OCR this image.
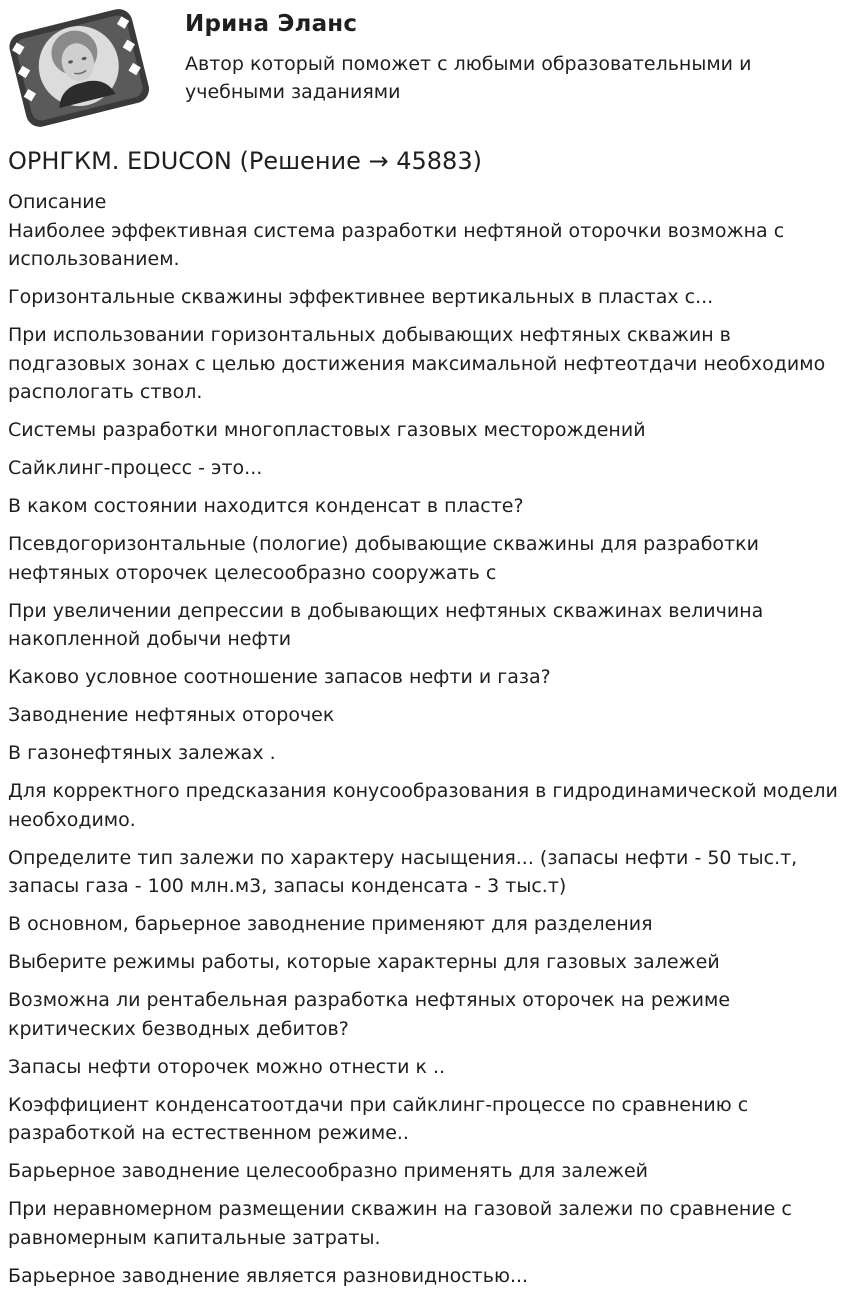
Ирина Эланс
Автор который поможет с любыми образовательными и учебными заданиями
ОРНГКМ. EDUCON (Решение → 45883)
Описание

Наиболее эффективная система разработки нефтяной оторочки возможна с использованием.

Горизонтальные скважины эффективнее вертикальных в пластах с...

При использовании горизонтальных добывающих нефтяных скважин в подгазовых зонах с целью достижения максимальной нефтеотдачи необходимо распологать ствол.

Системы разработки многопластовых газовых месторождений

Сайклинг-процесс - это...

В каком состоянии находится конденсат в пласте?

Псевдогоризонтальные (пологие) добывающие скважины для разработки нефтяных оторочек целесообразно сооружать с

При увеличении депрессии в добывающих нефтяных скважинах величина накопленной добычи нефти

Каково условное соотношение запасов нефти и газа?

Заводнение нефтяных оторочек

В газонефтяных залежах .

Для корректного предсказания конусообразования в гидродинамической модели необходимо.

Определите тип залежи по характеру насыщения... (запасы нефти - 50 тыс.т, запасы газа - 100 млн.м3, запасы конденсата - 3 тыс.т)

В основном, барьерное заводнение применяют для разделения

Выберите режимы работы, которые характерны для газовых залежей

Возможна ли рентабельная разработка нефтяных оторочек на режиме критических безводных дебитов?

Запасы нефти оторочек можно отнести к ..

Коэффициент конденсатоотдачи при сайклинг-процессе по сравнению с разработкой на естественном режиме..

Барьерное заводнение целесообразно применять для залежей

При неравномерном размещении скважин на газовой залежи по сравнение с равномерным капитальные затраты.

Барьерное заводнение является разновидностью...
